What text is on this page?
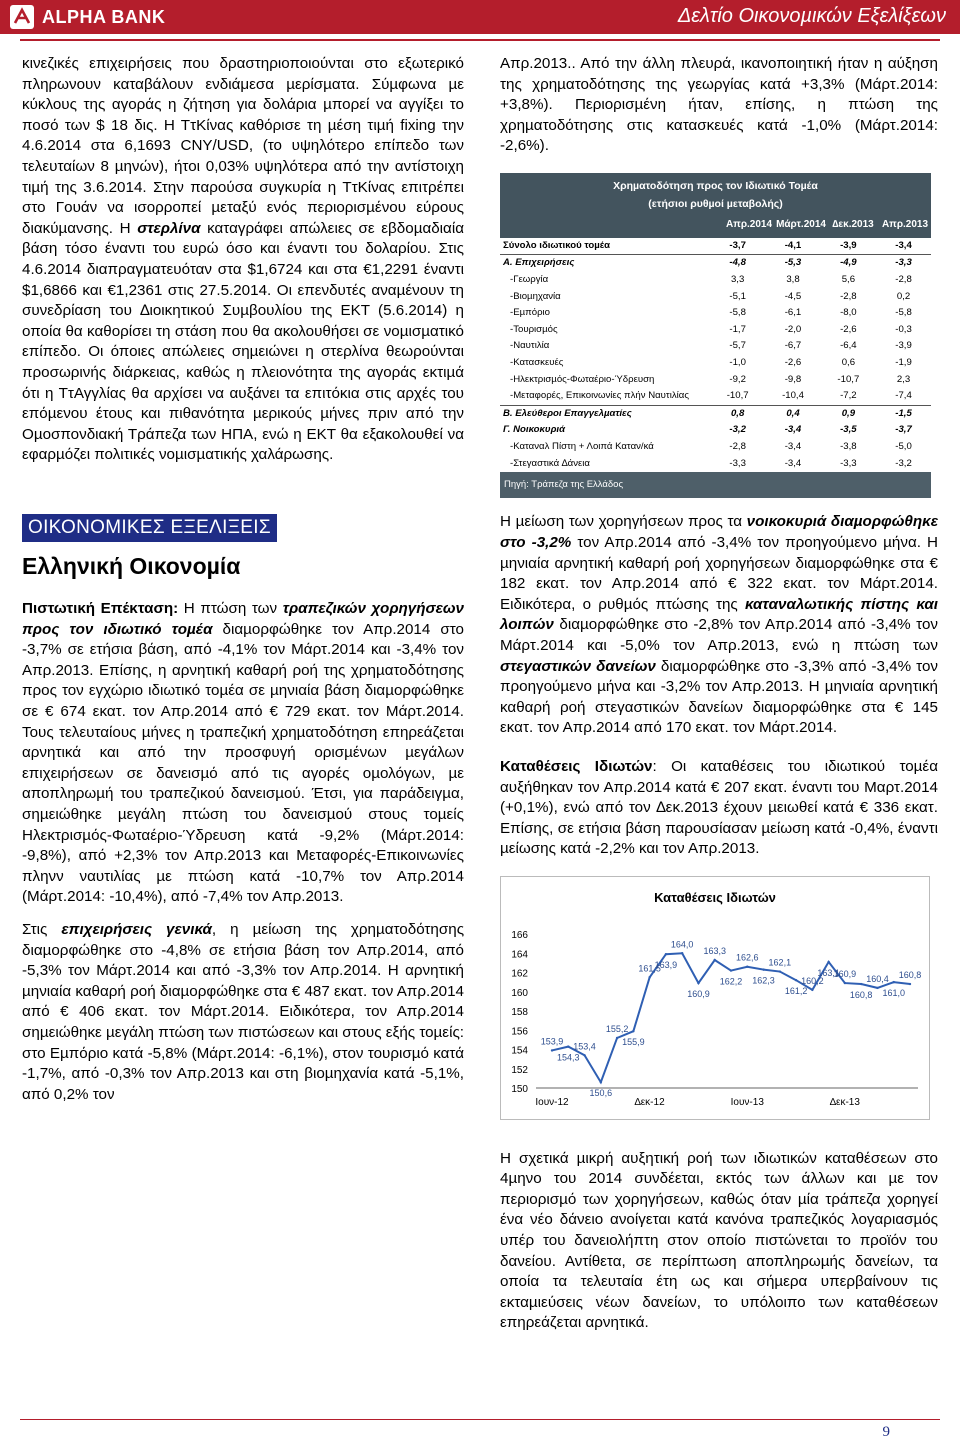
ALPHA BANK	Δελτίο Οικονοµικών Εξελίξεων

κινεζικές επιχειρήσεις που δραστηριοποιούνται στο εξωτερικό πληρωνουν καταβάλουν ενδιάμεσα µερίσµατα. Σύµφωνα µε κύκλους της αγοράς η ζήτηση για δολάρια µπορεί να αγγίξει το ποσό των $ 18 δις. Η ΤτΚίνας καθόρισε τη µέση τιµή fixing την 4.6.2014 στα 6,1693 CNY/USD, (το υψηλότερο επίπεδο των τελευταίων 8 µηνών), ήτοι 0,03% υψηλότερα από την αντίστοιχη τιµή της 3.6.2014. Στην παρούσα συγκυρία η ΤτΚίνας επιτρέπει στο Γουάν να ισορροπεί µεταξύ ενός περιορισµένου εύρους διακύµανσης. Η στερλίνα καταγράφει απώλειες σε εβδοµαδιαία βάση τόσο έναντι του ευρώ όσο και έναντι του δολαρίου. Στις 4.6.2014 διαπραγµατευόταν στα $1,6724 και στα €1,2291 έναντι $1,6866 και €1,2361 στις 27.5.2014. Οι επενδυτές αναµένουν τη συνεδρίαση του ∆ιοικητικού Συµβουλίου της ΕΚΤ (5.6.2014) η οποία θα καθορίσει τη στάση που θα ακολουθήσει σε νοµισµατικό επίπεδο. Οι όποιες απώλειες σηµειώνει η στερλίνα θεωρούνται προσωρινής διάρκειας, καθώς η πλειονότητα της αγοράς εκτιµά ότι η ΤτΑγγλίας θα αρχίσει να αυξάνει τα επιτόκια στις αρχές του επόµενου έτους και πιθανότητα µερικούς µήνες πριν από την Οµοσπονδιακή Τράπεζα των ΗΠΑ, ενώ η ΕΚΤ θα εξακολουθεί να εφαρµόζει πολιτικές νοµισµατικής χαλάρωσης.

ΟΙΚΟΝΟΜΙΚΕΣ ΕΞΕΛΙΞΕΙΣ
Ελληνική Οικονοµία

Πιστωτική Επέκταση: Η πτώση των τραπεζικών χορηγήσεων προς τον ιδιωτικό τοµέα διαµορφώθηκε τον Απρ.2014 στο -3,7% σε ετήσια βάση, από -4,1% τον Μάρτ.2014 και -3,4% τον Απρ.2013. Επίσης, η αρνητική καθαρή ροή της χρηµατοδότησης προς τον εγχώριο ιδιωτικό τοµέα σε µηνιαία βάση διαµορφώθηκε σε € 674 εκατ. τον Απρ.2014 από € 729 εκατ. τον Μάρτ.2014. Τους τελευταίους µήνες η τραπεζική χρηµατοδότηση επηρεάζεται αρνητικά και από την προσφυγή ορισµένων µεγάλων επιχειρήσεων σε δανεισµό από τις αγορές οµολόγων, µε αποπληρωµή του τραπεζικού δανεισµού. Έτσι, για παράδειγµα, σηµειώθηκε µεγάλη πτώση του δανεισµού στους τοµείς Ηλεκτρισµός-Φωταέριο-Ύδρευση κατά -9,2% (Μάρτ.2014: -9,8%), από +2,3% τον Απρ.2013 και Μεταφορές-Επικοινωνίες πληνν ναυτιλίας µε πτώση κατά -10,7% τον Απρ.2014 (Μάρτ.2014: -10,4%), από -7,4% τον Απρ.2013.

Στις επιχειρήσεις γενικά, η µείωση της χρηµατοδότησης διαµορφώθηκε στο -4,8% σε ετήσια βάση τον Απρ.2014, από -5,3% τον Μάρτ.2014 και από -3,3% τον Απρ.2014. Η αρνητική µηνιαία καθαρή ροή διαµορφώθηκε στα € 487 εκατ. τον Απρ.2014 από € 406 εκατ. τον Μάρτ.2014. Ειδικότερα, τον Απρ.2014 σηµειώθηκε µεγάλη πτώση των πιστώσεων και στους εξής τοµείς: στο Εµπόριο κατά -5,8% (Μάρτ.2014: -6,1%), στον τουρισµό κατά -1,7%, από -0,3% τον Απρ.2013 και στη βιοµηχανία κατά -5,1%, από 0,2% τον

Απρ.2013.. Από την άλλη πλευρά, ικανοποιητική ήταν η αύξηση της χρηµατοδότησης της γεωργίας κατά +3,3% (Μάρτ.2014: +3,8%). Περιορισµένη ήταν, επίσης, η πτώση της χρηµατοδότησης στις κατασκευές κατά -1,0% (Μάρτ.2014: -2,6%).

Χρηµατοδότηση προς τον Ιδιωτικό Τοµέα
(ετήσιοι ρυθµοί µεταβολής)
Απρ.2014 Μάρτ.2014 ∆εκ.2013 Απρ.2013
Σύνολο ιδιωτικού τοµέα	-3,7	-4,1	-3,9	-3,4
Α. Επιχειρήσεις	-4,8	-5,3	-4,9	-3,3
-Γεωργία	3,3	3,8	5,6	-2,8
-Βιοµηχανία	-5,1	-4,5	-2,8	0,2
-Εµπόριο	-5,8	-6,1	-8,0	-5,8
-Τουρισµός	-1,7	-2,0	-2,6	-0,3
-Ναυτιλία	-5,7	-6,7	-6,4	-3,9
-Κατασκευές	-1,0	-2,6	0,6	-1,9
-Ηλεκτρισµός-Φωταέριο-Ύδρευση	-9,2	-9,8	-10,7	2,3
-Μεταφορές, Επικοινωνίες πλήν Ναυτιλίας	-10,7	-10,4	-7,2	-7,4
Β. Ελεύθεροι Επαγγελµατίες	0,8	0,4	0,9	-1,5
Γ. Νοικοκυριά	-3,2	-3,4	-3,5	-3,7
-Καταναλ Πίστη + Λοιπά Καταν/κά	-2,8	-3,4	-3,8	-5,0
-Στεγαστικά ∆άνεια	-3,3	-3,4	-3,3	-3,2
Πηγή: Τράπεζα της Ελλάδος

Η µείωση των χορηγήσεων προς τα νοικοκυριά διαµορφώθηκε στο -3,2% τον Απρ.2014 από -3,4% τον προηγούµενο µήνα. Η µηνιαία αρνητική καθαρή ροή χορηγήσεων διαµορφώθηκε στα € 182 εκατ. τον Απρ.2014 από € 322 εκατ. τον Μάρτ.2014. Ειδικότερα, ο ρυθµός πτώσης της καταναλωτικής πίστης και λοιπών διαµορφώθηκε στο -2,8% τον Απρ.2014 από -3,4% τον Μάρτ.2014 και -5,0% τον Απρ.2013, ενώ η πτώση των στεγαστικών δανείων διαµορφώθηκε στο -3,3% από -3,4% τον προηγούµενο µήνα και -3,2% τον Απρ.2013. Η µηνιαία αρνητική καθαρή ροή στεγαστικών δανείων διαµορφώθηκε στα € 145 εκατ. τον Απρ.2014 από 170 εκατ. τον Μάρτ.2014.

Καταθέσεις Ιδιωτών: Οι καταθέσεις του ιδιωτικού τοµέα αυξήθηκαν τον Απρ.2014 κατά € 207 εκατ. έναντι του Μαρτ.2014 (+0,1%), ενώ από τον ∆εκ.2013 έχουν µειωθεί κατά € 336 εκατ. Επίσης, σε ετήσια βάση παρουσίασαν µείωση κατά -0,4%, έναντι µείωσης κατά -2,2% και τον Απρ.2013.

Καταθέσεις Ιδιωτών
150
152
154
156
158
160
162
164
166
Ιουν-12	∆εκ-12	Ιουν-13	∆εκ-13
153,9
154,3
153,4
150,6
155,2
155,9
161,5
163,9
164,0
160,9
163,3
162,2
162,6
162,3
162,1
161,2
160,2
163,1
160,9
160,8
160,4
161,0
160,8

Η σχετικά µικρή αυξητική ροή των ιδιωτικών καταθέσεων στο 4µηνο του 2014 συνδέεται, εκτός των άλλων και µε τον περιορισµό των χορηγήσεων, καθώς όταν µία τράπεζα χορηγεί ένα νέο δάνειο ανοίγεται κατά κανόνα τραπεζικός λογαριασµός υπέρ του δανειολήπτη στον οποίο πιστώνεται το προϊόν του δανείου. Αντίθετα, σε περίπτωση αποπληρωµής δανείων, τα οποία τα τελευταία έτη ως και σήµερα υπερβαίνουν τις εκταµιεύσεις νέων δανείων, το υπόλοιπο των καταθέσεων επηρεάζεται αρνητικά.

9
